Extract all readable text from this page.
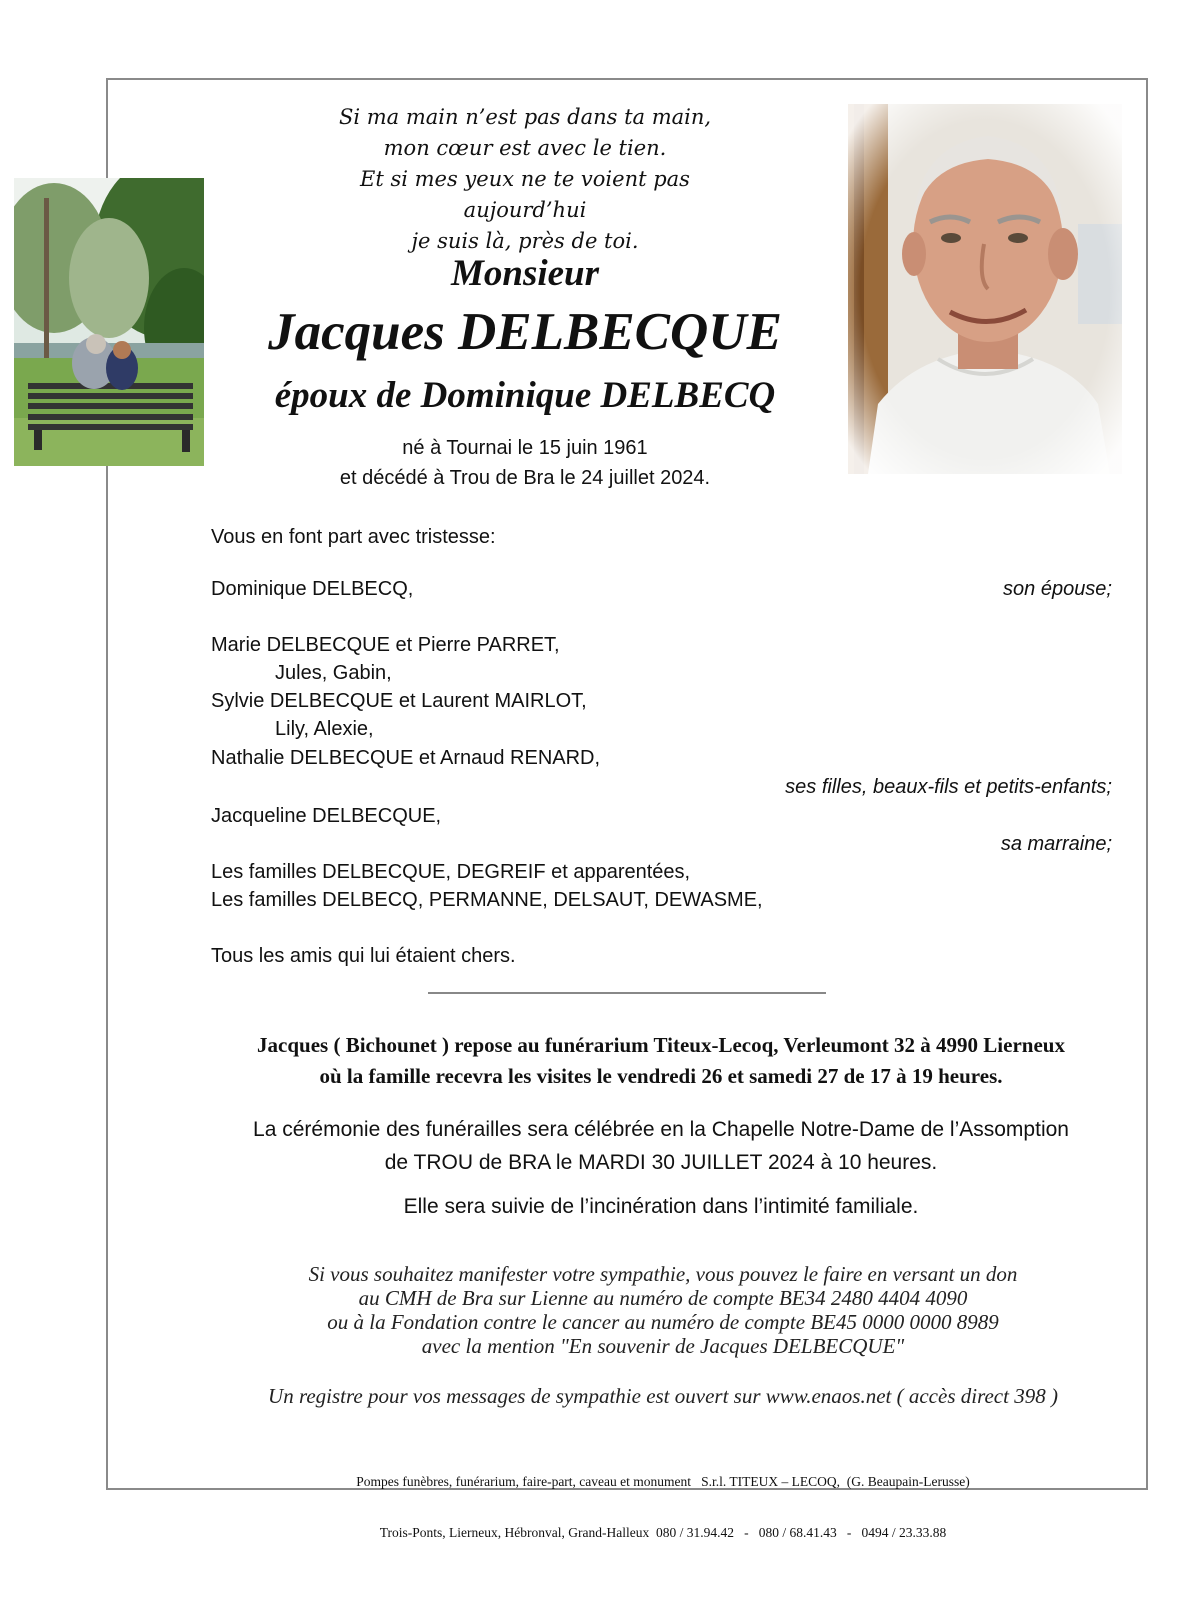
Si ma main n’est pas dans ta main,
mon cœur est avec le tien.
Et si mes yeux ne te voient pas aujourd’hui
je suis là, près de toi.
Monsieur
Jacques DELBECQUE
époux de Dominique DELBECQ
né à Tournai le 15 juin 1961
et décédé à Trou de Bra le 24 juillet 2024.
Vous en font part avec tristesse:
Dominique DELBECQ,	son épouse;
Marie DELBECQUE et Pierre PARRET,
Jules, Gabin,
Sylvie DELBECQUE et Laurent MAIRLOT,
Lily, Alexie,
Nathalie DELBECQUE et Arnaud RENARD,
ses filles, beaux-fils et petits-enfants;
Jacqueline DELBECQUE,
sa marraine;
Les familles DELBECQUE, DEGREIF et apparentées,
Les familles DELBECQ, PERMANNE, DELSAUT, DEWASME,
Tous les amis qui lui étaient chers.
Jacques ( Bichounet ) repose au funérarium Titeux-Lecoq, Verleumont 32 à 4990 Lierneux
où la famille recevra les visites le vendredi 26 et samedi 27 de 17 à 19 heures.
La cérémonie des funérailles sera célébrée en la Chapelle Notre-Dame de l’Assomption
de TROU de BRA le MARDI 30 JUILLET 2024 à 10 heures.
Elle sera suivie de l’incinération dans l’intimité familiale.
Si vous souhaitez manifester votre sympathie, vous pouvez le faire en versant un don
au CMH de Bra sur Lienne au numéro de compte BE34 2480 4404 4090
ou à la Fondation contre le cancer au numéro de compte BE45 0000 0000 8989
avec la mention "En souvenir de Jacques DELBECQUE"
Un registre pour vos messages de sympathie est ouvert sur www.enaos.net ( accès direct 398 )

Pompes funèbres, funérarium, faire-part, caveau et monument   S.r.l. TITEUX – LECOQ,  (G. Beaupain-Lerusse)

Trois-Ponts, Lierneux, Hébronval, Grand-Halleux  080 / 31.94.42   -   080 / 68.41.43   -   0494 / 23.33.88
